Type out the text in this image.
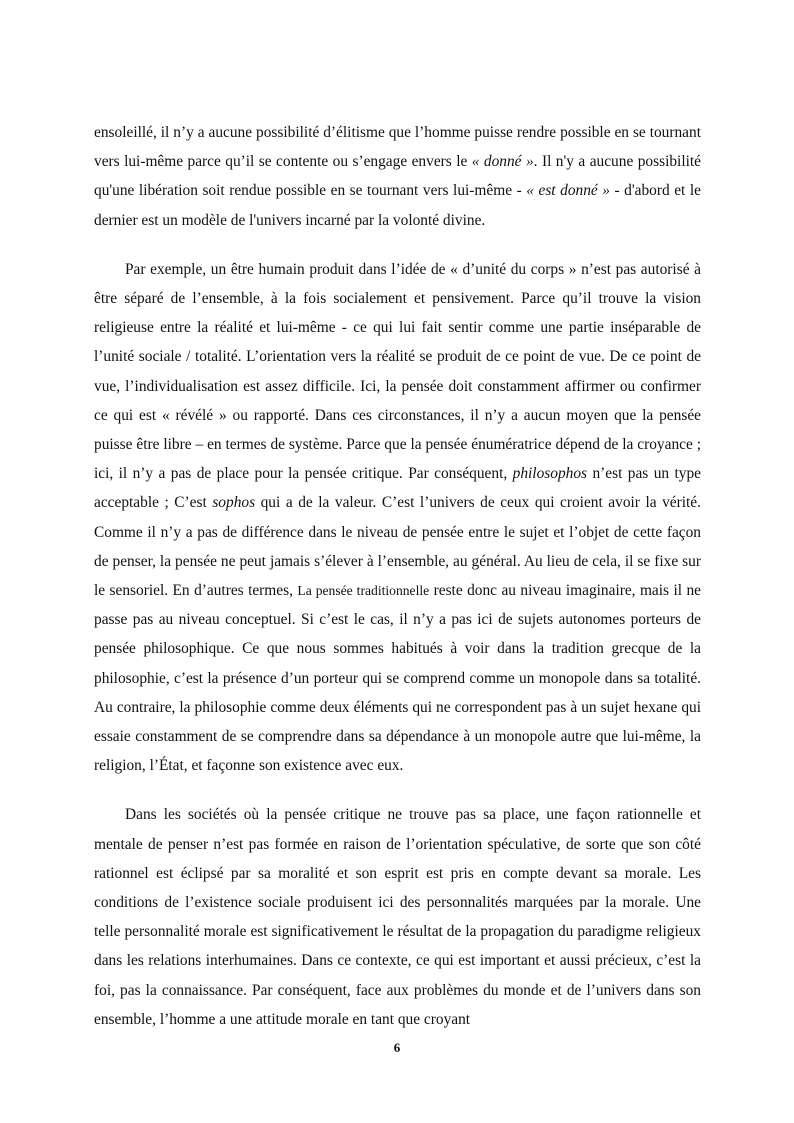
ensoleillé, il n’y a aucune possibilité d’élitisme que l’homme puisse rendre possible en se tournant vers lui-même parce qu’il se contente ou s’engage envers le « donné ». Il n'y a aucune possibilité qu'une libération soit rendue possible en se tournant vers lui-même - « est donné » - d'abord et le dernier est un modèle de l'univers incarné par la volonté divine.

Par exemple, un être humain produit dans l’idée de « d’unité du corps » n’est pas autorisé à être séparé de l’ensemble, à la fois socialement et pensivement. Parce qu’il trouve la vision religieuse entre la réalité et lui-même - ce qui lui fait sentir comme une partie inséparable de l’unité sociale / totalité. L’orientation vers la réalité se produit de ce point de vue. De ce point de vue, l’individualisation est assez difficile. Ici, la pensée doit constamment affirmer ou confirmer ce qui est « révélé » ou rapporté. Dans ces circonstances, il n’y a aucun moyen que la pensée puisse être libre – en termes de système. Parce que la pensée énumératrice dépend de la croyance ; ici, il n’y a pas de place pour la pensée critique. Par conséquent, philosophos n’est pas un type acceptable ; C’est sophos qui a de la valeur. C’est l’univers de ceux qui croient avoir la vérité. Comme il n’y a pas de différence dans le niveau de pensée entre le sujet et l’objet de cette façon de penser, la pensée ne peut jamais s’élever à l’ensemble, au général. Au lieu de cela, il se fixe sur le sensoriel. En d’autres termes, La pensée traditionnelle reste donc au niveau imaginaire, mais il ne passe pas au niveau conceptuel. Si c’est le cas, il n’y a pas ici de sujets autonomes porteurs de pensée philosophique. Ce que nous sommes habitués à voir dans la tradition grecque de la philosophie, c’est la présence d’un porteur qui se comprend comme un monopole dans sa totalité. Au contraire, la philosophie comme deux éléments qui ne correspondent pas à un sujet hexane qui essaie constamment de se comprendre dans sa dépendance à un monopole autre que lui-même, la religion, l’État, et façonne son existence avec eux.

Dans les sociétés où la pensée critique ne trouve pas sa place, une façon rationnelle et mentale de penser n’est pas formée en raison de l’orientation spéculative, de sorte que son côté rationnel est éclipsé par sa moralité et son esprit est pris en compte devant sa morale. Les conditions de l’existence sociale produisent ici des personnalités marquées par la morale. Une telle personnalité morale est significativement le résultat de la propagation du paradigme religieux dans les relations interhumaines. Dans ce contexte, ce qui est important et aussi précieux, c’est la foi, pas la connaissance. Par conséquent, face aux problèmes du monde et de l’univers dans son ensemble, l’homme a une attitude morale en tant que croyant

6
